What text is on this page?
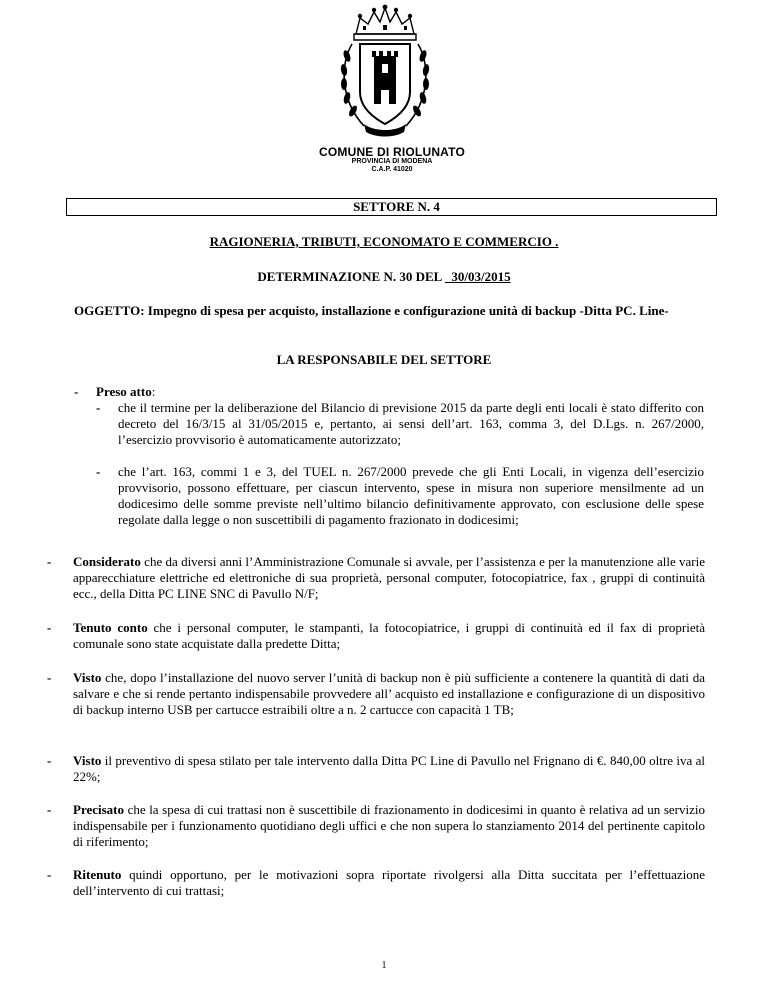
COMUNE DI RIOLUNATO
PROVINCIA DI MODENA
C.A.P. 41020
SETTORE N. 4
RAGIONERIA, TRIBUTI, ECONOMATO E COMMERCIO .
DETERMINAZIONE N. 30 DEL 30/03/2015
OGGETTO: Impegno di spesa per acquisto, installazione e configurazione unità di backup -Ditta PC. Line-
LA RESPONSABILE DEL SETTORE
- Preso atto:
- che il termine per la deliberazione del Bilancio di previsione 2015 da parte degli enti locali è stato differito con decreto del 16/3/15 al 31/05/2015 e, pertanto, ai sensi dell’art. 163, comma 3, del D.Lgs. n. 267/2000, l’esercizio provvisorio è automaticamente autorizzato;
- che l’art. 163, commi 1 e 3, del TUEL n. 267/2000 prevede che gli Enti Locali, in vigenza dell’esercizio provvisorio, possono effettuare, per ciascun intervento, spese in misura non superiore mensilmente ad un dodicesimo delle somme previste nell’ultimo bilancio definitivamente approvato, con esclusione delle spese regolate dalla legge o non suscettibili di pagamento frazionato in dodicesimi;
- Considerato che da diversi anni l’Amministrazione Comunale si avvale, per l’assistenza e per la manutenzione alle varie apparecchiature elettriche ed elettroniche di sua proprietà, personal computer, fotocopiatrice, fax , gruppi di continuità ecc., della Ditta PC LINE SNC di Pavullo N/F;
- Tenuto conto che i personal computer, le stampanti, la fotocopiatrice, i gruppi di continuità ed il fax di proprietà comunale sono state acquistate dalla predette Ditta;
- Visto che, dopo l’installazione del nuovo server l’unità di backup non è più sufficiente a contenere la quantità di dati da salvare e che si rende pertanto indispensabile provvedere all’ acquisto ed installazione e configurazione di un dispositivo di backup interno USB per cartucce estraibili oltre a n. 2 cartucce con capacità 1 TB;
- Visto il preventivo di spesa stilato per tale intervento dalla Ditta PC Line di Pavullo nel Frignano di €. 840,00 oltre iva al 22%;
- Precisato che la spesa di cui trattasi non è suscettibile di frazionamento in dodicesimi in quanto è relativa ad un servizio indispensabile per i funzionamento quotidiano degli uffici e che non supera lo stanziamento 2014 del pertinente capitolo di riferimento;
- Ritenuto quindi opportuno, per le motivazioni sopra riportate rivolgersi alla Ditta succitata per l’effettuazione dell’intervento di cui trattasi;
1
